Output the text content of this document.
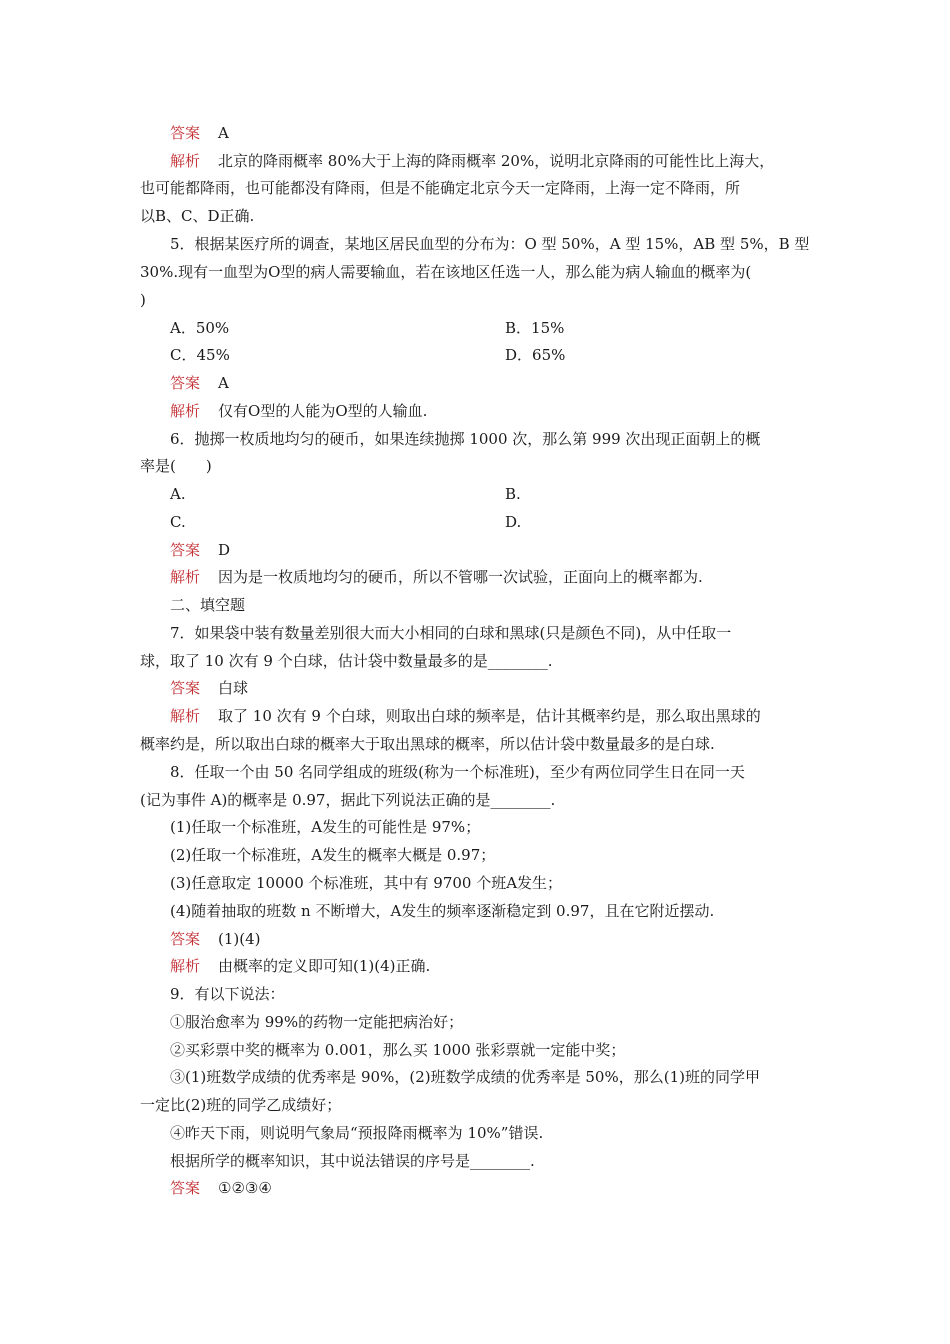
答案 A
解析 北京的降雨概率 80%大于上海的降雨概率 20%，说明北京降雨的可能性比上海大，
也可能都降雨，也可能都没有降雨，但是不能确定北京今天一定降雨，上海一定不降雨，所
以B、C、D正确.
5．根据某医疗所的调查，某地区居民血型的分布为：O 型 50%，A 型 15%，AB 型 5%，B 型
30%.现有一血型为O型的病人需要输血，若在该地区任选一人，那么能为病人输血的概率为(
)
A．50%	B．15%
C．45%	D．65%
答案 A
解析 仅有O型的人能为O型的人输血.
6．抛掷一枚质地均匀的硬币，如果连续抛掷 1000 次，那么第 999 次出现正面朝上的概
率是(　　)
A.	B.
C.	D.
答案 D
解析 因为是一枚质地均匀的硬币，所以不管哪一次试验，正面向上的概率都为.
二、填空题
7．如果袋中装有数量差别很大而大小相同的白球和黑球(只是颜色不同)，从中任取一
球，取了 10 次有 9 个白球，估计袋中数量最多的是________.
答案 白球
解析 取了 10 次有 9 个白球，则取出白球的频率是，估计其概率约是，那么取出黑球的
概率约是，所以取出白球的概率大于取出黑球的概率，所以估计袋中数量最多的是白球.
8．任取一个由 50 名同学组成的班级(称为一个标准班)，至少有两位同学生日在同一天
(记为事件 A)的概率是 0.97，据此下列说法正确的是________.
(1)任取一个标准班，A发生的可能性是 97%；
(2)任取一个标准班，A发生的概率大概是 0.97；
(3)任意取定 10000 个标准班，其中有 9700 个班A发生；
(4)随着抽取的班数 n 不断增大，A发生的频率逐渐稳定到 0.97，且在它附近摆动.
答案 (1)(4)
解析 由概率的定义即可知(1)(4)正确.
9．有以下说法：
①服治愈率为 99%的药物一定能把病治好；
②买彩票中奖的概率为 0.001，那么买 1000 张彩票就一定能中奖；
③(1)班数学成绩的优秀率是 90%，(2)班数学成绩的优秀率是 50%，那么(1)班的同学甲
一定比(2)班的同学乙成绩好；
④昨天下雨，则说明气象局“预报降雨概率为 10%”错误.
根据所学的概率知识，其中说法错误的序号是________.
答案 ①②③④
